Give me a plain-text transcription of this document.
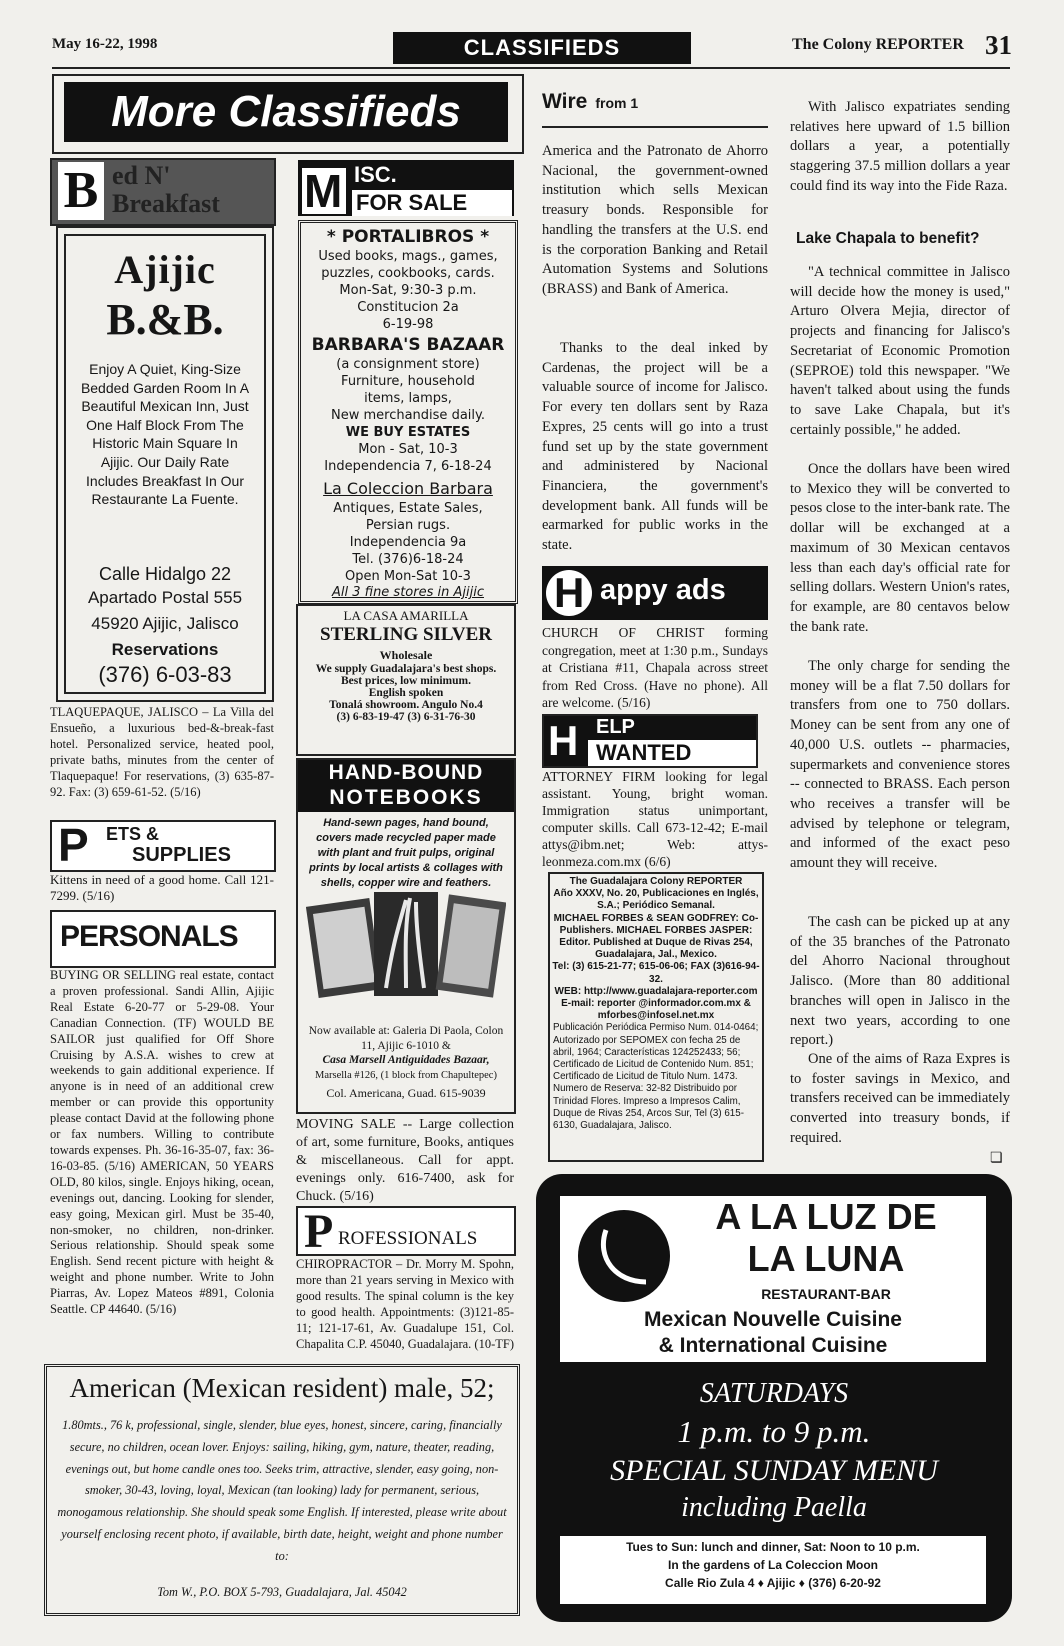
May 16-22, 1998	CLASSIFIEDS	The Colony REPORTER 31
More Classifieds
B ed N' Breakfast
Ajijic
B.&B.
Enjoy A Quiet, King-Size Bedded Garden Room In A Beautiful Mexican Inn, Just One Half Block From The Historic Main Square In Ajijic. Our Daily Rate Includes Breakfast In Our Restaurante La Fuente.
Calle Hidalgo 22
Apartado Postal 555
45920 Ajijic, Jalisco
Reservations
(376) 6-03-83
TLAQUEPAQUE, JALISCO – La Villa del Ensueño, a luxurious bed-&-break-fast hotel. Personalized service, heated pool, private baths, minutes from the center of Tlaquepaque! For reservations, (3) 635-87-92. Fax: (3) 659-61-52. (5/16)
P ETS &
SUPPLIES
Kittens in need of a good home. Call 121-7299. (5/16)
PERSONALS
BUYING OR SELLING real estate, contact a proven professional. Sandi Allin, Ajijic Real Estate 6-20-77 or 5-29-08. Your Canadian Connection. (TF) WOULD BE SAILOR just qualified for Off Shore Cruising by A.S.A. wishes to crew at weekends to gain additional experience. If anyone is in need of an additional crew member or can provide this opportunity please contact David at the following phone or fax numbers. Willing to contribute towards expenses. Ph. 36-16-35-07, fax: 36-16-03-85. (5/16) AMERICAN, 50 YEARS OLD, 80 kilos, single. Enjoys hiking, ocean, evenings out, dancing. Looking for slender, easy going, Mexican girl. Must be 35-40, non-smoker, no children, non-drinker. Serious relationship. Should speak some English. Send recent picture with height & weight and phone number. Write to John Piarras, Av. Lopez Mateos #891, Colonia Seattle. CP 44640. (5/16)
M ISC.
FOR SALE
* PORTALIBROS *
Used books, mags., games,
puzzles, cookbooks, cards.
Mon-Sat, 9:30-3 p.m.
Constitucion 2a
6-19-98
BARBARA'S BAZAAR
(a consignment store)
Furniture, household
items, lamps,
New merchandise daily.
WE BUY ESTATES
Mon - Sat, 10-3
Independencia 7, 6-18-24
La Coleccion Barbara
Antiques, Estate Sales,
Persian rugs.
Independencia 9a
Tel. (376)6-18-24
Open Mon-Sat 10-3
All 3 fine stores in Ajijic
LA CASA AMARILLA
STERLING SILVER
Wholesale
We supply Guadalajara's best shops.
Best prices, low minimum.
English spoken
Tonalá showroom. Angulo No.4
(3) 6-83-19-47 (3) 6-31-76-30
HAND-BOUND
NOTEBOOKS
Hand-sewn pages, hand bound, covers made recycled paper made with plant and fruit pulps, original prints by local artists & collages with shells, copper wire and feathers.
Now available at: Galeria Di Paola, Colon 11, Ajijic 6-1010 &
Casa Marsell Antiguidades Bazaar,
Marsella #126, (1 block from Chapultepec)
Col. Americana, Guad. 615-9039
MOVING SALE -- Large collection of art, some furniture, Books, antiques & miscellaneous. Call for appt. evenings only. 616-7400, ask for Chuck. (5/16)
P ROFESSIONALS
CHIROPRACTOR – Dr. Morry M. Spohn, more than 21 years serving in Mexico with good results. The spinal column is the key to good health. Appointments: (3)121-85-11; 121-17-61, Av. Guadalupe 151, Col. Chapalita C.P. 45040, Guadalajara. (10-TF)
American (Mexican resident) male, 52;
1.80mts., 76 k, professional, single, slender, blue eyes, honest, sincere, caring, financially secure, no children, ocean lover. Enjoys: sailing, hiking, gym, nature, theater, reading, evenings out, but home candle ones too. Seeks trim, attractive, slender, easy going, non-smoker, 30-43, loving, loyal, Mexican (tan looking) lady for permanent, serious, monogamous relationship. She should speak some English. If interested, please write about yourself enclosing recent photo, if available, birth date, height, weight and phone number to:
Tom W., P.O. BOX 5-793, Guadalajara, Jal. 45042
Wire from 1
America and the Patronato de Ahorro Nacional, the government-owned institution which sells Mexican treasury bonds. Responsible for handling the transfers at the U.S. end is the corporation Banking and Retail Automation Systems and Solutions (BRASS) and Bank of America.
Thanks to the deal inked by Cardenas, the project will be a valuable source of income for Jalisco. For every ten dollars sent by Raza Expres, 25 cents will go into a trust fund set up by the state government and administered by Nacional Financiera, the government's development bank. All funds will be earmarked for public works in the state.
H appy ads
CHURCH OF CHRIST forming congregation, meet at 1:30 p.m., Sundays at Cristiana #11, Chapala across street from Red Cross. (Have no phone). All are welcome. (5/16)
H ELP
WANTED
ATTORNEY FIRM looking for legal assistant. Young, bright woman. Immigration status unimportant, computer skills. Call 673-12-42; E-mail attys@ibm.net; Web: attys-leonmeza.com.mx (6/6)
The Guadalajara Colony REPORTER
Año XXXV, No. 20, Publicaciones en Inglés, S.A.; Periódico Semanal.
MICHAEL FORBES & SEAN GODFREY: Co-Publishers. MICHAEL FORBES JASPER: Editor. Published at Duque de Rivas 254, Guadalajara, Jal., Mexico.
Tel: (3) 615-21-77; 615-06-06; FAX (3)616-94-32.
WEB: http://www.guadalajara-reporter.com
E-mail: reporter @informador.com.mx & mforbes@infosel.net.mx
Publicación Periódica Permiso Num. 014-0464; Autorizado por SEPOMEX con fecha 25 de abril, 1964; Características 124252433; 56; Certificado de Licitud de Contenido Num. 851; Certificado de Licitud de Titulo Num. 1473. Numero de Reserva: 32-82 Distribuido por Trinidad Flores. Impreso a Impresos Calim, Duque de Rivas 254, Arcos Sur, Tel (3) 615-6130, Guadalajara, Jalisco.
With Jalisco expatriates sending relatives here upward of 1.5 billion dollars a year, a potentially staggering 37.5 million dollars a year could find its way into the Fide Raza.
Lake Chapala to benefit?
"A technical committee in Jalisco will decide how the money is used," Arturo Olvera Mejia, director of projects and financing for Jalisco's Secretariat of Economic Promotion (SEPROE) told this newspaper. "We haven't talked about using the funds to save Lake Chapala, but it's certainly possible," he added.
Once the dollars have been wired to Mexico they will be converted to pesos close to the inter-bank rate. The dollar will be exchanged at a maximum of 30 Mexican centavos less than each day's official rate for selling dollars. Western Union's rates, for example, are 80 centavos below the bank rate.
The only charge for sending the money will be a flat 7.50 dollars for transfers from one to 750 dollars. Money can be sent from any one of 40,000 U.S. outlets -- pharmacies, supermarkets and convenience stores -- connected to BRASS. Each person who receives a transfer will be advised by telephone or telegram, and informed of the exact peso amount they will receive.
The cash can be picked up at any of the 35 branches of the Patronato del Ahorro Nacional throughout Jalisco. (More than 80 additional branches will open in Jalisco in the next two years, according to one report.)
One of the aims of Raza Expres is to foster savings in Mexico, and transfers received can be immediately converted into treasury bonds, if required.
❏
A LA LUZ DE
LA LUNA
RESTAURANT-BAR
Mexican Nouvelle Cuisine
& International Cuisine
SATURDAYS
1 p.m. to 9 p.m.
SPECIAL SUNDAY MENU
including Paella
Tues to Sun: lunch and dinner, Sat: Noon to 10 p.m.
In the gardens of La Coleccion Moon
Calle Rio Zula 4 ♦ Ajijic ♦ (376) 6-20-92
